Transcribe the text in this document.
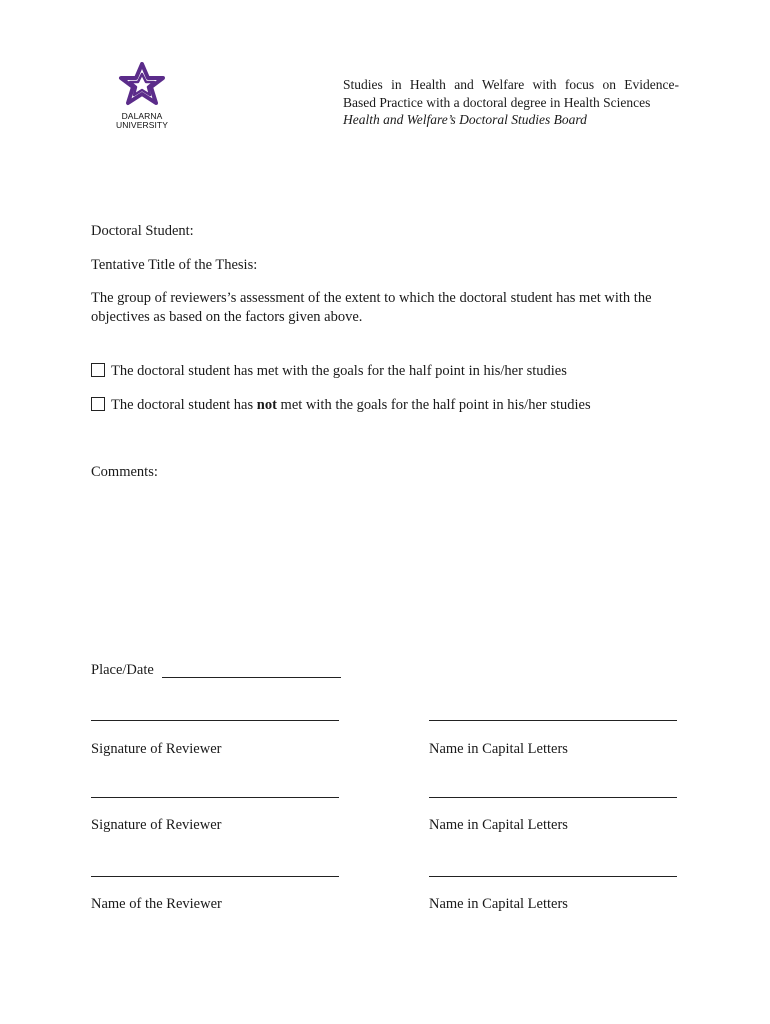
DALARNA
UNIVERSITY
Studies in Health and Welfare with focus on Evidence-
Based Practice with a doctoral degree in Health Sciences
Health and Welfare’s Doctoral Studies Board
Doctoral Student:
Tentative Title of the Thesis:
The group of reviewers’s assessment of the extent to which the doctoral student has met with the objectives as based on the factors given above.
The doctoral student has met with the goals for the half point in his/her studies
The doctoral student has not met with the goals for the half point in his/her studies
Comments:
Place/Date
Signature of Reviewer	Name in Capital Letters
Signature of Reviewer	Name in Capital Letters
Name of the Reviewer	Name in Capital Letters
